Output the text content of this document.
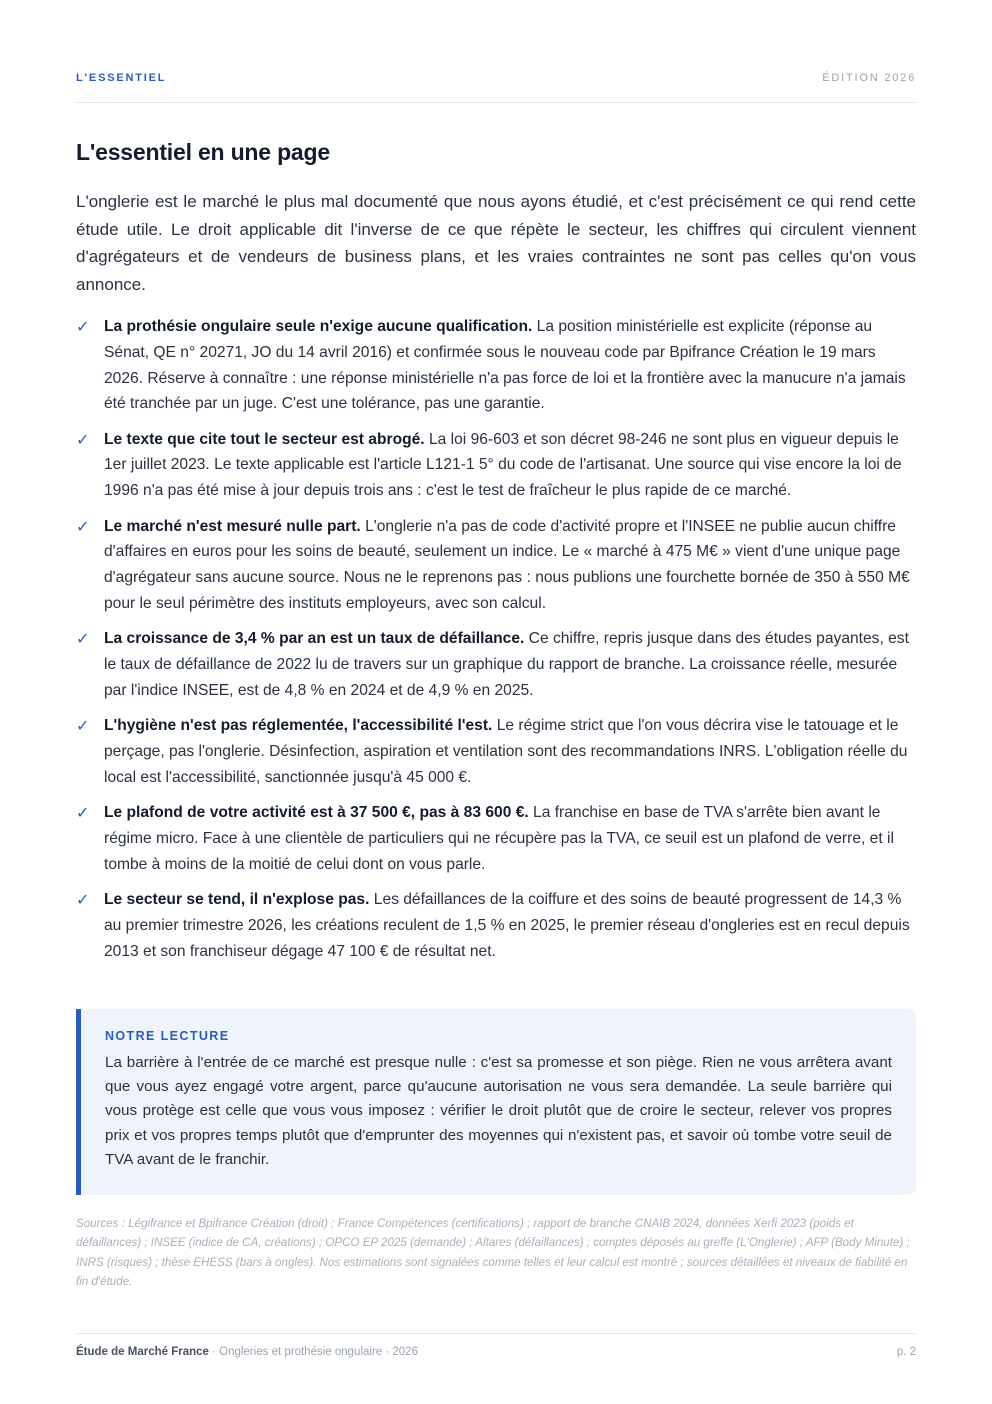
L'ESSENTIEL	ÉDITION 2026
L'essentiel en une page

L'onglerie est le marché le plus mal documenté que nous ayons étudié, et c'est précisément ce qui rend cette étude utile. Le droit applicable dit l'inverse de ce que répète le secteur, les chiffres qui circulent viennent d'agrégateurs et de vendeurs de business plans, et les vraies contraintes ne sont pas celles qu'on vous annonce.

✓ La prothésie ongulaire seule n'exige aucune qualification. La position ministérielle est explicite (réponse au Sénat, QE n° 20271, JO du 14 avril 2016) et confirmée sous le nouveau code par Bpifrance Création le 19 mars 2026. Réserve à connaître : une réponse ministérielle n'a pas force de loi et la frontière avec la manucure n'a jamais été tranchée par un juge. C'est une tolérance, pas une garantie.
✓ Le texte que cite tout le secteur est abrogé. La loi 96-603 et son décret 98-246 ne sont plus en vigueur depuis le 1er juillet 2023. Le texte applicable est l'article L121-1 5° du code de l'artisanat. Une source qui vise encore la loi de 1996 n'a pas été mise à jour depuis trois ans : c'est le test de fraîcheur le plus rapide de ce marché.
✓ Le marché n'est mesuré nulle part. L'onglerie n'a pas de code d'activité propre et l'INSEE ne publie aucun chiffre d'affaires en euros pour les soins de beauté, seulement un indice. Le « marché à 475 M€ » vient d'une unique page d'agrégateur sans aucune source. Nous ne le reprenons pas : nous publions une fourchette bornée de 350 à 550 M€ pour le seul périmètre des instituts employeurs, avec son calcul.
✓ La croissance de 3,4 % par an est un taux de défaillance. Ce chiffre, repris jusque dans des études payantes, est le taux de défaillance de 2022 lu de travers sur un graphique du rapport de branche. La croissance réelle, mesurée par l'indice INSEE, est de 4,8 % en 2024 et de 4,9 % en 2025.
✓ L'hygiène n'est pas réglementée, l'accessibilité l'est. Le régime strict que l'on vous décrira vise le tatouage et le perçage, pas l'onglerie. Désinfection, aspiration et ventilation sont des recommandations INRS. L'obligation réelle du local est l'accessibilité, sanctionnée jusqu'à 45 000 €.
✓ Le plafond de votre activité est à 37 500 €, pas à 83 600 €. La franchise en base de TVA s'arrête bien avant le régime micro. Face à une clientèle de particuliers qui ne récupère pas la TVA, ce seuil est un plafond de verre, et il tombe à moins de la moitié de celui dont on vous parle.
✓ Le secteur se tend, il n'explose pas. Les défaillances de la coiffure et des soins de beauté progressent de 14,3 % au premier trimestre 2026, les créations reculent de 1,5 % en 2025, le premier réseau d'ongleries est en recul depuis 2013 et son franchiseur dégage 47 100 € de résultat net.
NOTRE LECTURE

La barrière à l'entrée de ce marché est presque nulle : c'est sa promesse et son piège. Rien ne vous arrêtera avant que vous ayez engagé votre argent, parce qu'aucune autorisation ne vous sera demandée. La seule barrière qui vous protège est celle que vous vous imposez : vérifier le droit plutôt que de croire le secteur, relever vos propres prix et vos propres temps plutôt que d'emprunter des moyennes qui n'existent pas, et savoir où tombe votre seuil de TVA avant de le franchir.

Sources : Légifrance et Bpifrance Création (droit) ; France Compétences (certifications) ; rapport de branche CNAIB 2024, données Xerfi 2023 (poids et défaillances) ; INSEE (indice de CA, créations) ; OPCO EP 2025 (demande) ; Altares (défaillances) ; comptes déposés au greffe (L'Onglerie) ; AFP (Body Minute) ; INRS (risques) ; thèse EHESS (bars à ongles). Nos estimations sont signalées comme telles et leur calcul est montré ; sources détaillées et niveaux de fiabilité en fin d'étude.

Étude de Marché France · Ongleries et prothésie ongulaire · 2026	p. 2
